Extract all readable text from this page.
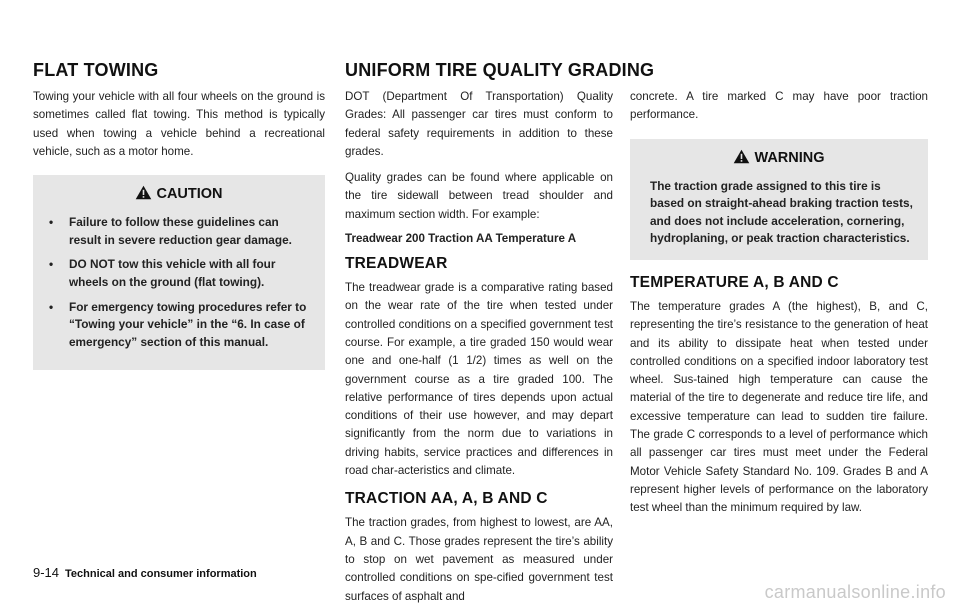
FLAT TOWING	UNIFORM TIRE QUALITY GRADING

Towing your vehicle with all four wheels on the ground is sometimes called flat towing. This method is typically used when towing a vehicle behind a recreational vehicle, such as a motor home.

CAUTION
• Failure to follow these guidelines can result in severe reduction gear damage.
• DO NOT tow this vehicle with all four wheels on the ground (flat towing).
• For emergency towing procedures refer to “Towing your vehicle” in the “6. In case of emergency” section of this manual.

DOT (Department Of Transportation) Quality Grades: All passenger car tires must conform to federal safety requirements in addition to these grades.

Quality grades can be found where applicable on the tire sidewall between tread shoulder and maximum section width. For example:

Treadwear 200 Traction AA Temperature A

TREADWEAR

The treadwear grade is a comparative rating based on the wear rate of the tire when tested under controlled conditions on a specified government test course. For example, a tire graded 150 would wear one and one-half (1 1/2) times as well on the government course as a tire graded 100. The relative performance of tires depends upon actual conditions of their use however, and may depart significantly from the norm due to variations in driving habits, service practices and differences in road char-acteristics and climate.

TRACTION AA, A, B AND C

The traction grades, from highest to lowest, are AA, A, B and C. Those grades represent the tire’s ability to stop on wet pavement as measured under controlled conditions on spe-cified government test surfaces of asphalt and

concrete. A tire marked C may have poor traction performance.

WARNING

The traction grade assigned to this tire is based on straight-ahead braking traction tests, and does not include acceleration, cornering, hydroplaning, or peak traction characteristics.

TEMPERATURE A, B AND C

The temperature grades A (the highest), B, and C, representing the tire’s resistance to the generation of heat and its ability to dissipate heat when tested under controlled conditions on a specified indoor laboratory test wheel. Sus-tained high temperature can cause the material of the tire to degenerate and reduce tire life, and excessive temperature can lead to sudden tire failure. The grade C corresponds to a level of performance which all passenger car tires must meet under the Federal Motor Vehicle Safety Standard No. 109. Grades B and A represent higher levels of performance on the laboratory test wheel than the minimum required by law.

9-14 Technical and consumer information
carmanualsonline.info
